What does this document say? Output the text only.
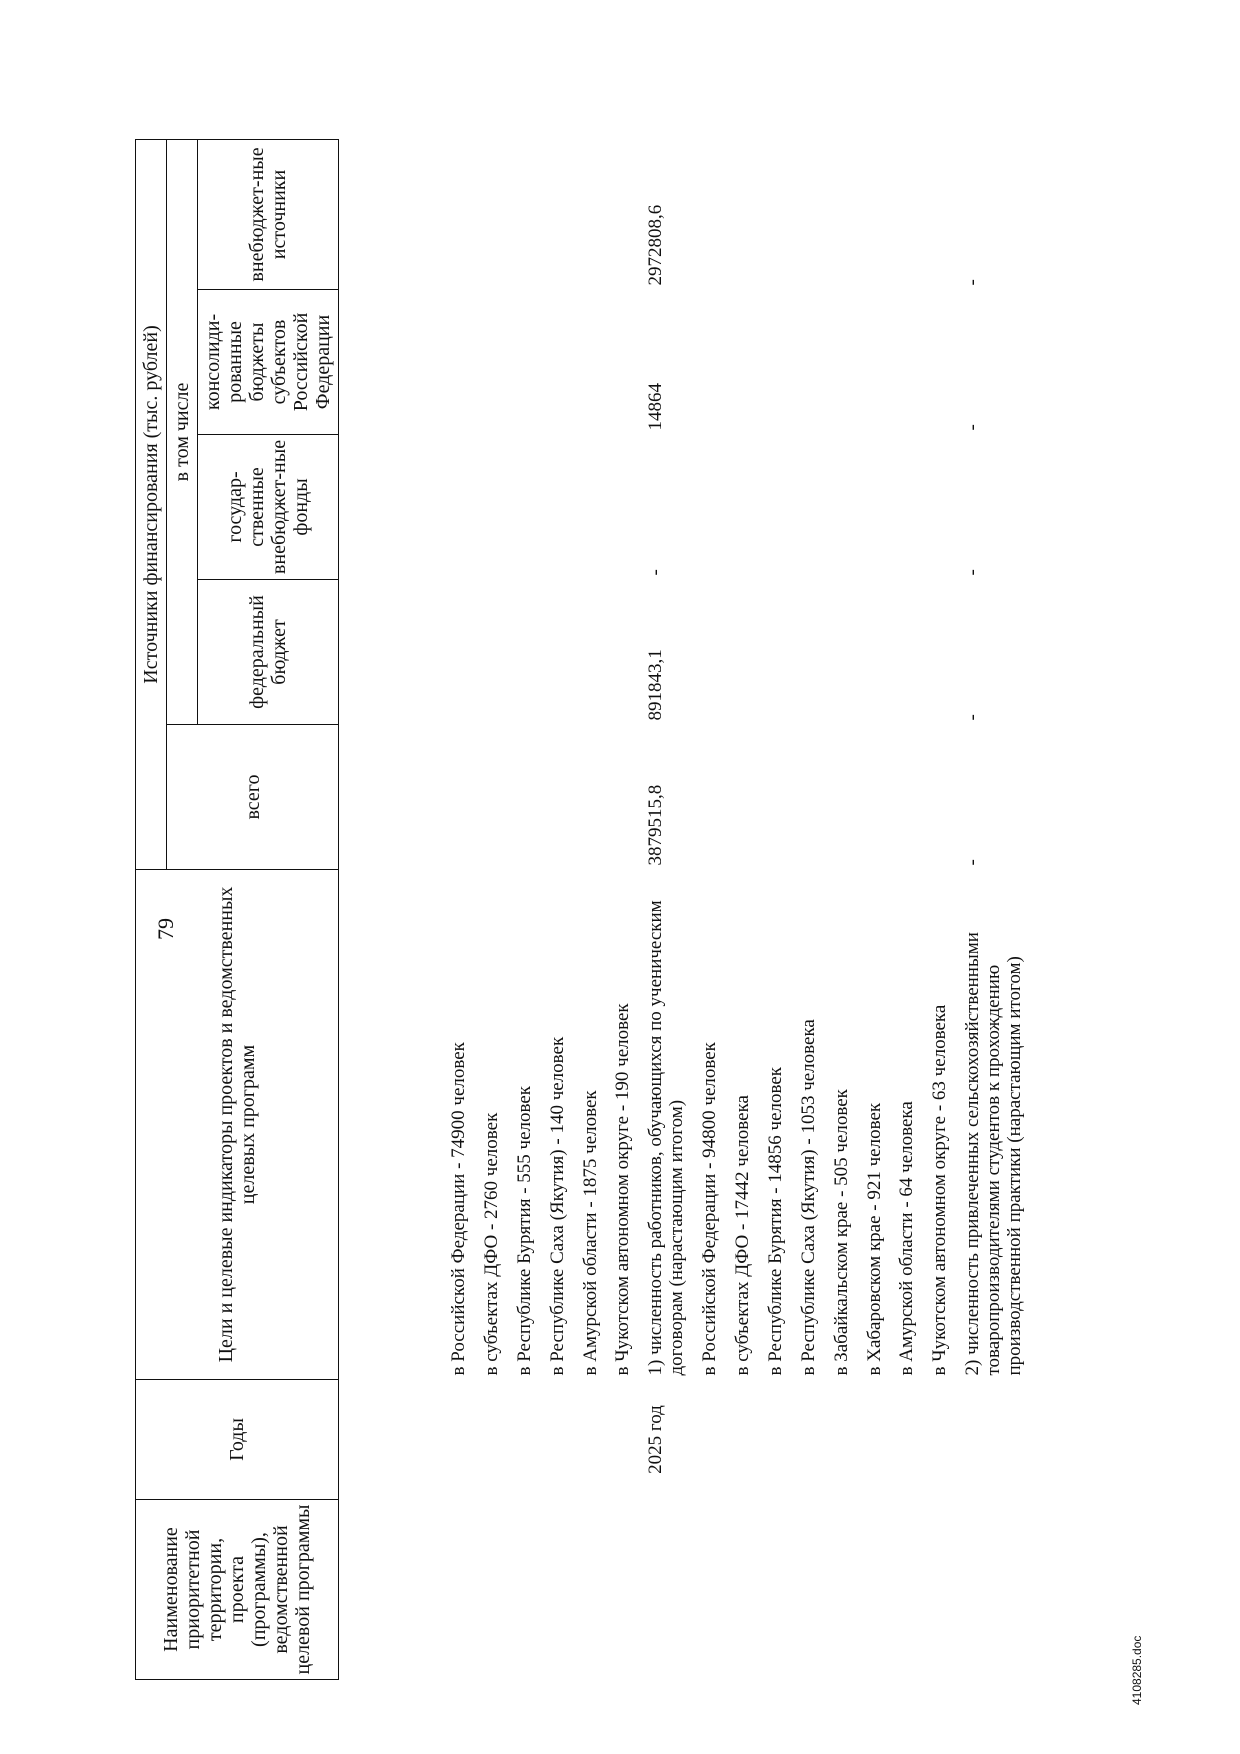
79
Наименование приоритетной территории, проекта (программы), ведомственной целевой программы	Годы	Цели и целевые индикаторы проектов и ведомственных целевых программ	Источники финансирования (тыс. рублей)				
			всего	в том числе			
				федеральный бюджет	государ-ственные внебюджет-ные фонды	консолиди-рованные бюджеты субъектов Российской Федерации	внебюджет-ные источники

		в Российской Федерации - 74900 человек					
		в субъектах ДФО - 2760 человек					
		в Республике Бурятия - 555 человек					
		в Республике Саха (Якутия) - 140 человек					
		в Амурской области - 1875 человек					
		в Чукотском автономном округе - 190 человек					
	2025 год	1) численность работников, обучающихся по ученическим договорам (нарастающим итогом)	3879515,8	891843,1	-	14864	2972808,6
		в Российской Федерации - 94800 человек					
		в субъектах ДФО - 17442 человека					
		в Республике Бурятия - 14856 человек					
		в Республике Саха (Якутия) - 1053 человека					
		в Забайкальском крае - 505 человек					
		в Хабаровском крае - 921 человек					
		в Амурской области - 64 человека					
		в Чукотском автономном округе - 63 человека					
		2) численность привлеченных сельскохозяйственными товаропроизводителями студентов к прохождению производственной практики (нарастающим итогом)	-	-	-	-	-
4108285.doc
